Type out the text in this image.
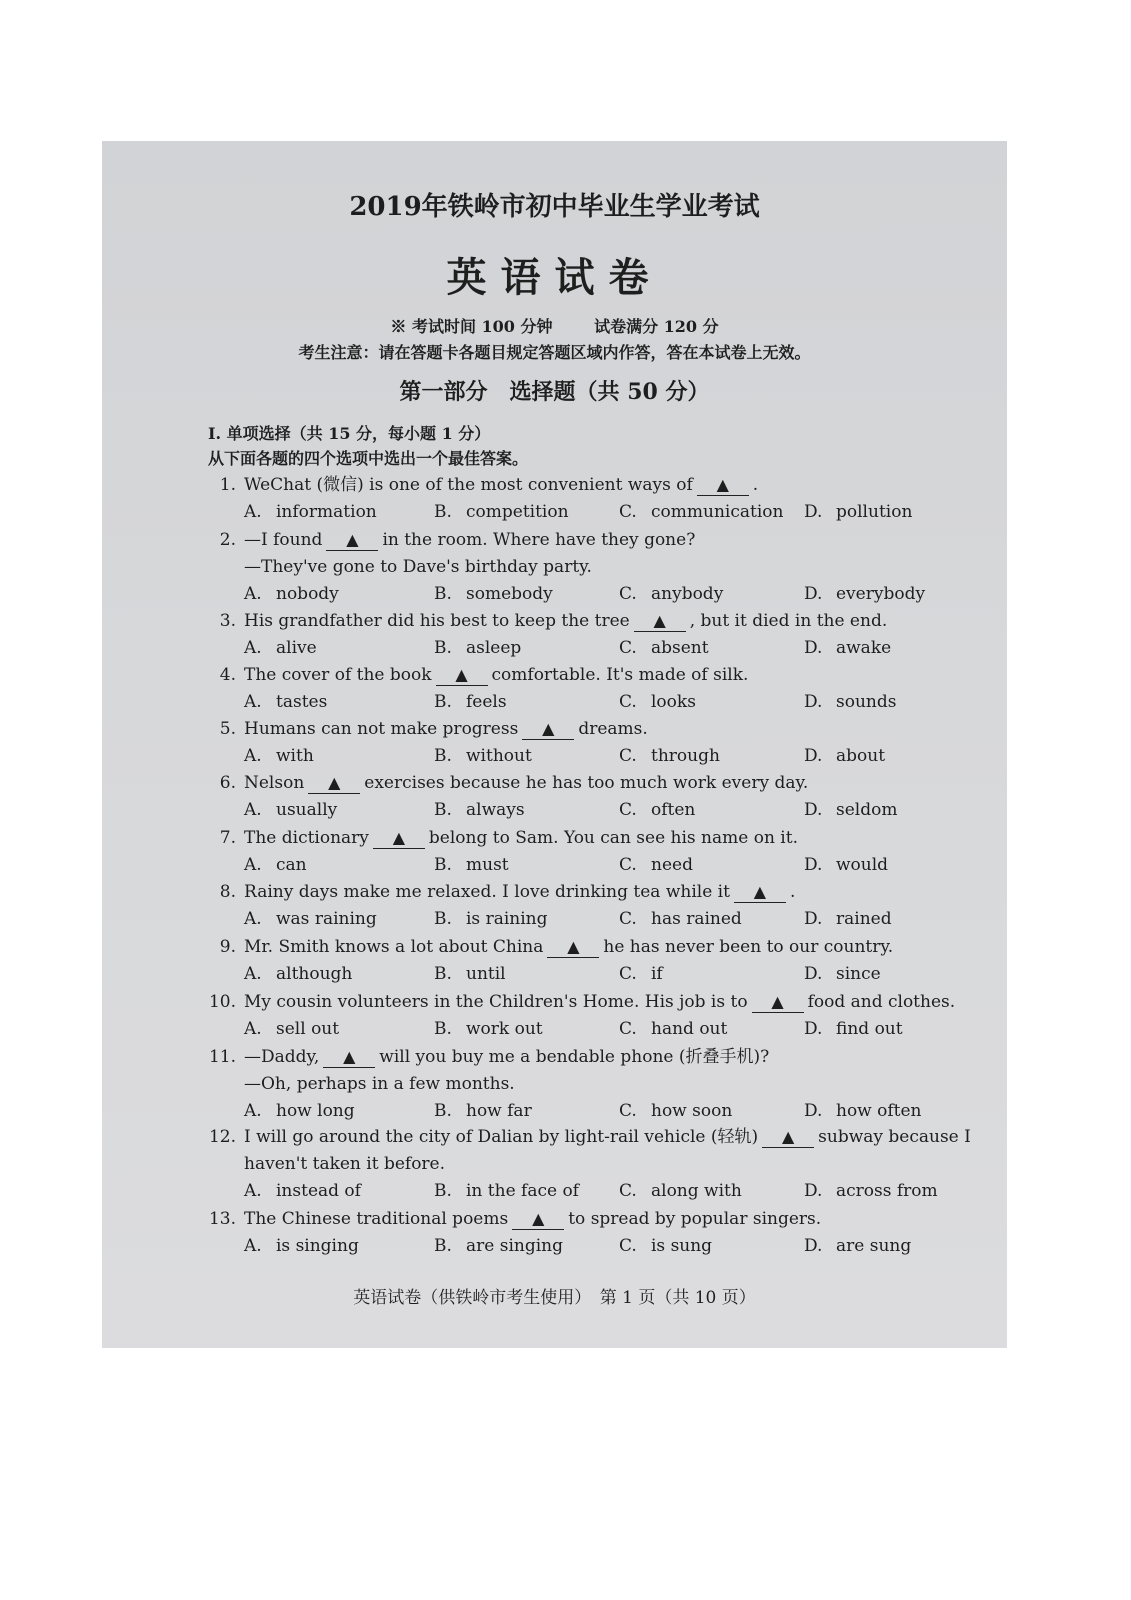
2019年铁岭市初中毕业生学业考试
英语试卷
※ 考试时间 100 分钟	试卷满分 120 分
考生注意：请在答题卡各题目规定答题区域内作答，答在本试卷上无效。
第一部分　选择题（共 50 分）
I. 单项选择（共 15 分，每小题 1 分）
从下面各题的四个选项中选出一个最佳答案。
1. WeChat (微信) is one of the most convenient ways of ▲ .
A. information	B. competition	C. communication D. pollution
2. —I found ▲ in the room. Where have they gone?
—They've gone to Dave's birthday party.
A. nobody	B. somebody	C. anybody	D. everybody
3. His grandfather did his best to keep the tree ▲ , but it died in the end.
A. alive	B. asleep	C. absent	D. awake
4. The cover of the book ▲ comfortable. It's made of silk.
A. tastes	B. feels	C. looks	D. sounds
5. Humans can not make progress ▲ dreams.
A. with	B. without	C. through	D. about
6. Nelson ▲ exercises because he has too much work every day.
A. usually	B. always	C. often	D. seldom
7. The dictionary ▲ belong to Sam. You can see his name on it.
A. can	B. must	C. need	D. would
8. Rainy days make me relaxed. I love drinking tea while it ▲ .
A. was raining	B. is raining	C. has rained	D. rained
9. Mr. Smith knows a lot about China ▲ he has never been to our country.
A. although	B. until	C. if	D. since
10. My cousin volunteers in the Children's Home. His job is to ▲ food and clothes.
A. sell out	B. work out	C. hand out	D. find out
11. —Daddy, ▲ will you buy me a bendable phone (折叠手机)?
—Oh, perhaps in a few months.
A. how long	B. how far	C. how soon	D. how often
12. I will go around the city of Dalian by light-rail vehicle (轻轨) ▲ subway because I
haven't taken it before.
A. instead of	B. in the face of C. along with	D. across from
13. The Chinese traditional poems ▲ to spread by popular singers.
A. is singing	B. are singing	C. is sung	D. are sung
英语试卷（供铁岭市考生使用）　第 1 页（共 10 页）
